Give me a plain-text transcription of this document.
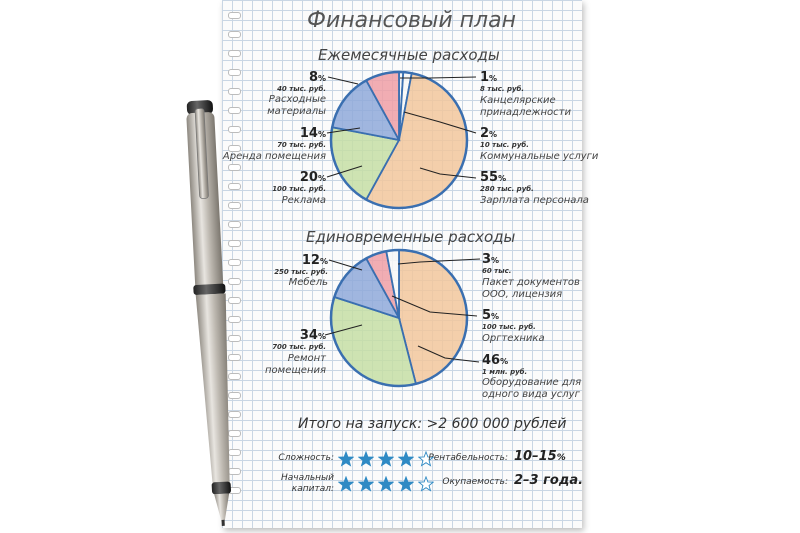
Финансовый план
Ежемесячные расходы
Единовременные расходы
8%
40 тыс. руб.
Расходные
материалы
14%
70 тыс. руб.
Аренда помещения
20%
100 тыс. руб.
Реклама
1%
8 тыс. руб.
Канцелярские
принадлежности
2%
10 тыс. руб.
Коммунальные услуги
55%
280 тыс. руб.
Зарплата персонала
12%
250 тыс. руб.
Мебель
34%
700 тыс. руб.
Ремонт
помещения
3%
60 тыс.
Пакет документов
ООО, лицензия
5%
100 тыс. руб.
Оргтехника
46%
1 млн. руб.
Оборудование для
одного вида услуг
Итого на запуск: >2 600 000 рублей
Сложность:
Начальный
капитал:
Рентабельность: 10–15%
Окупаемость: 2–3 года.
